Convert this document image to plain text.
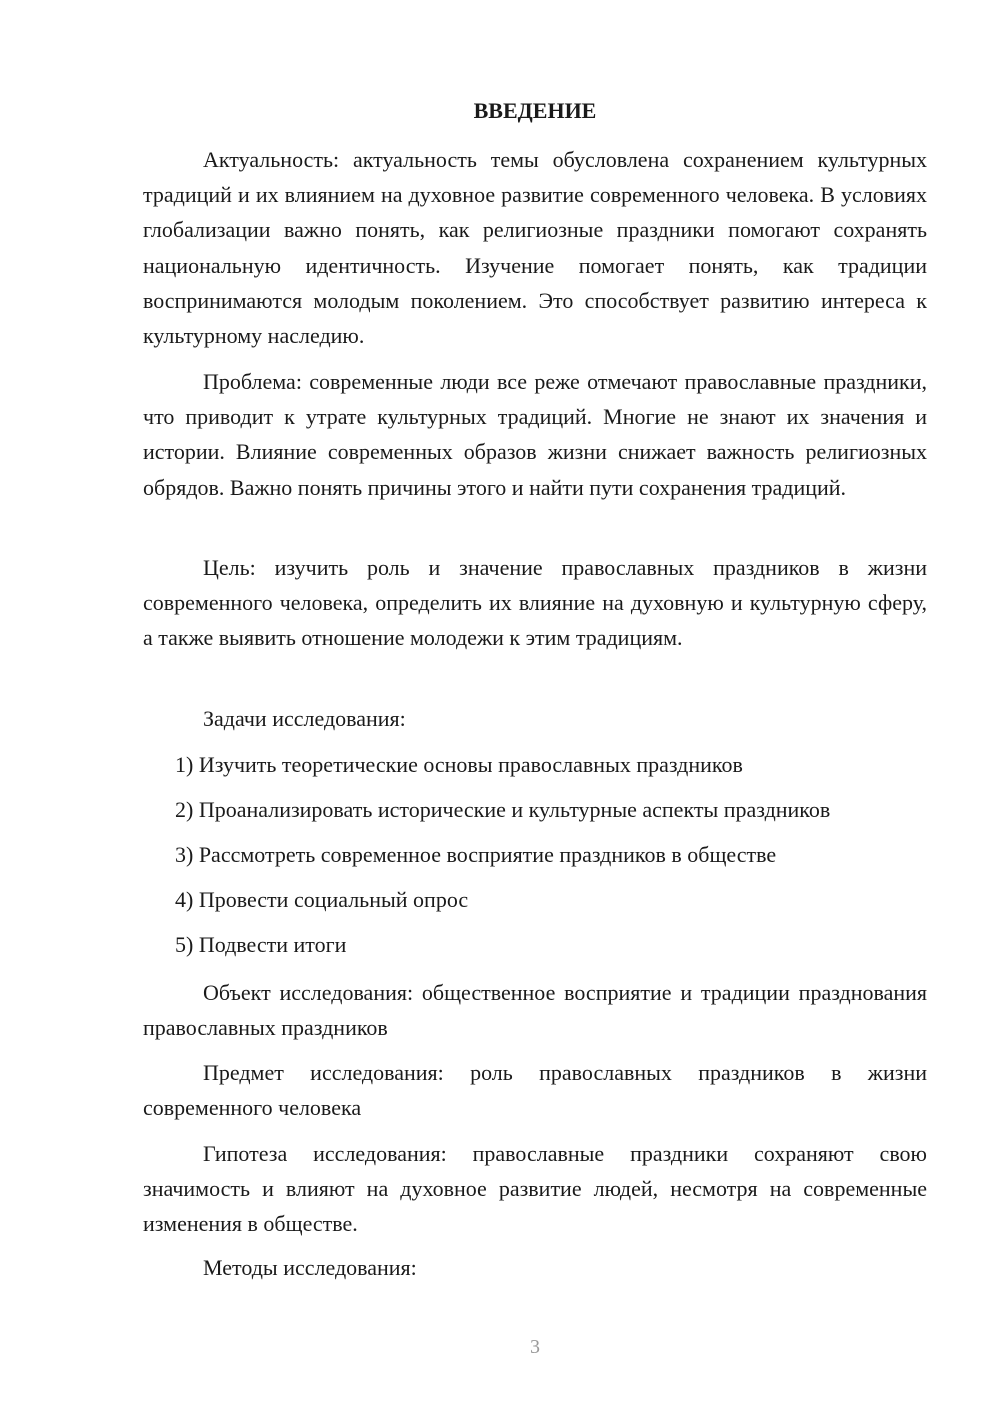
ВВЕДЕНИЕ

Актуальность: актуальность темы обусловлена сохранением культурных традиций и их влиянием на духовное развитие современного человека. В условиях глобализации важно понять, как религиозные праздники помогают сохранять национальную идентичность. Изучение помогает понять, как традиции воспринимаются молодым поколением. Это способствует развитию интереса к культурному наследию.

Проблема: современные люди все реже отмечают православные праздники, что приводит к утрате культурных традиций. Многие не знают их значения и истории. Влияние современных образов жизни снижает важность религиозных обрядов. Важно понять причины этого и найти пути сохранения традиций.

Цель: изучить роль и значение православных праздников в жизни современного человека, определить их влияние на духовную и культурную сферу, а также выявить отношение молодежи к этим традициям.

Задачи исследования:

1) Изучить теоретические основы православных праздников

2) Проанализировать исторические и культурные аспекты праздников

3) Рассмотреть современное восприятие праздников в обществе

4) Провести социальный опрос

5) Подвести итоги

Объект исследования: общественное восприятие и традиции празднования православных праздников

Предмет исследования: роль православных праздников в жизни современного человека

Гипотеза исследования: православные праздники сохраняют свою значимость и влияют на духовное развитие людей, несмотря на современные изменения в обществе.

Методы исследования:

3
